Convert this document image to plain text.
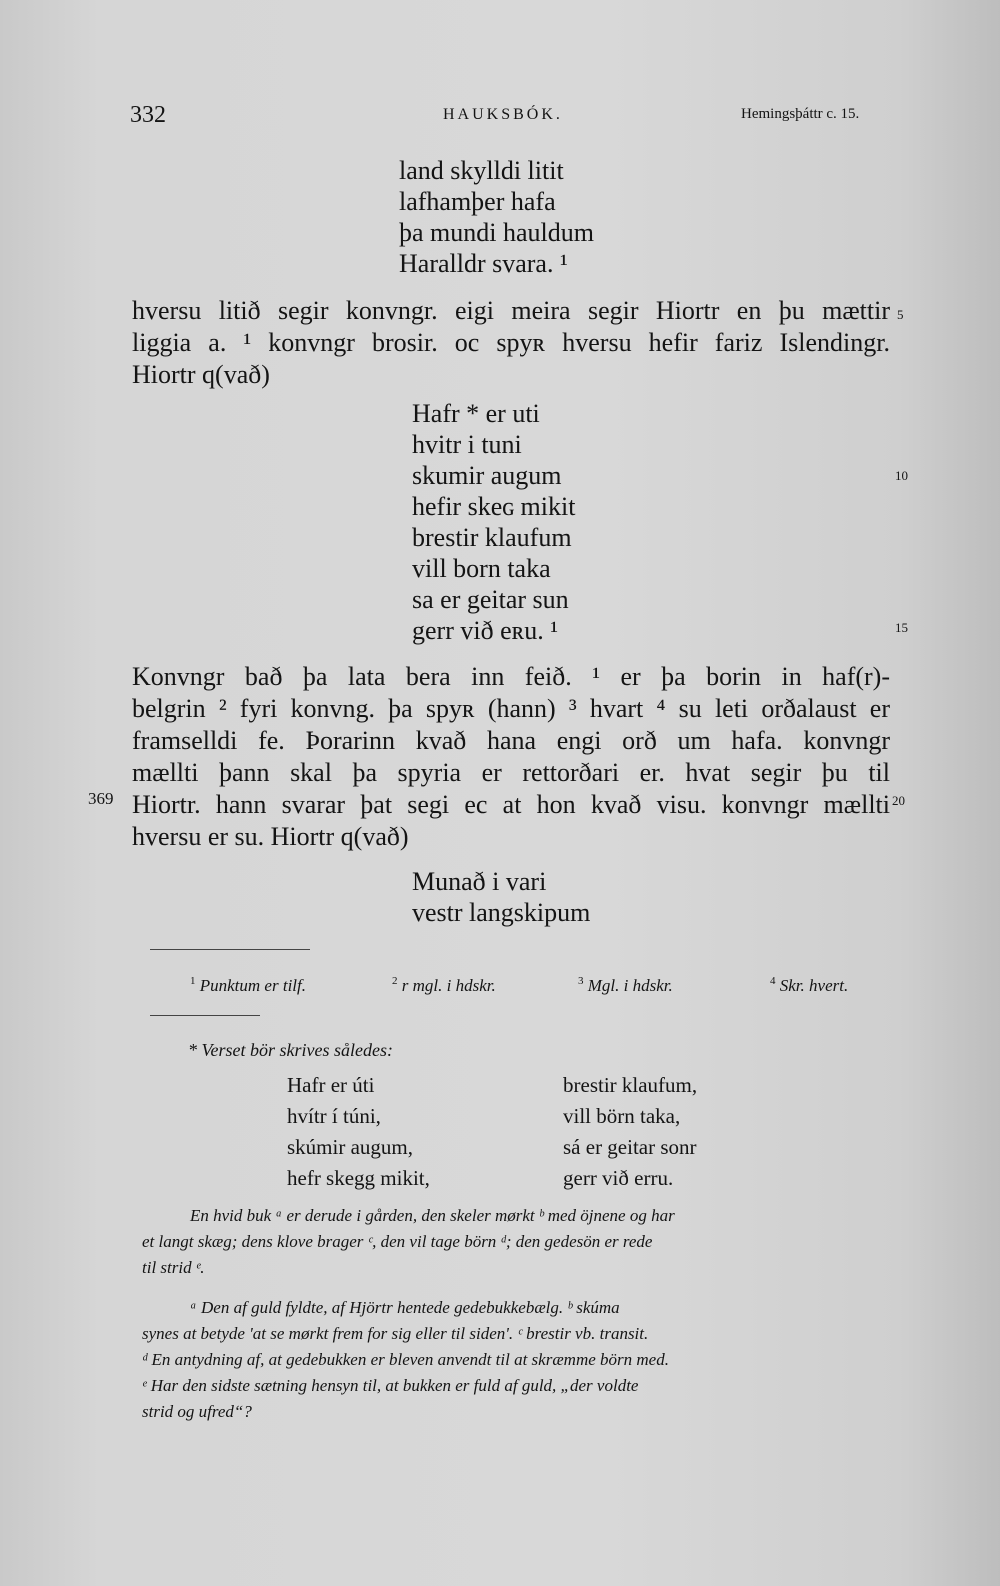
332	HAUKSBÓK.	Hemingsþáttr c. 15.
land skylldi litit
lafhamþer hafa
þa mundi hauldum
Haralldr svara. ¹
hversu litið segir konvngr. eigi meira segir Hiortr en þu mættir
liggia a. ¹ konvngr brosir. oc spyʀ hversu hefir fariz Islendingr.
Hiortr q(vað)
5
Hafr * er uti
hvitr i tuni
skumir augum
hefir skeɢ mikit
brestir klaufum
vill born taka
sa er geitar sun
gerr við eʀu. ¹
10
15
Konvngr bað þa lata bera inn feið. ¹ er þa borin in haf(r)-
belgrin ² fyri konvng. þa spyʀ (hann) ³ hvart ⁴ su leti orðalaust er
framselldi fe. Þorarinn kvað hana engi orð um hafa. konvngr
mællti þann skal þa spyria er rettorðari er. hvat segir þu til
Hiortr. hann svarar þat segi ec at hon kvað visu. konvngr mællti
hversu er su. Hiortr q(vað)
369	20
Munað i vari
vestr langskipum
$^1$ Punktum er tilf.	$^2$ r mgl. i hdskr.	$^3$ Mgl. i hdskr.	$^4$ Skr. hvert.
* Verset bör skrives således:
Hafr er úti
hvítr í túni,
skúmir augum,
hefr skegg mikit,
brestir klaufum,
vill börn taka,
sá er geitar sonr
gerr við erru.
En hvid buk ᵃ er derude i gården, den skeler mørkt ᵇ med öjnene og har
et langt skæg; dens klove brager ᶜ, den vil tage börn ᵈ; den gedesön er rede
til strid ᵉ.
ᵃ Den af guld fyldte, af Hjörtr hentede gedebukkebælg. ᵇ skúma
synes at betyde 'at se mørkt frem for sig eller til siden'. ᶜ brestir vb. transit.
ᵈ En antydning af, at gedebukken er bleven anvendt til at skræmme börn med.
ᵉ Har den sidste sætning hensyn til, at bukken er fuld af guld, „der voldte
strid og ufred“?
